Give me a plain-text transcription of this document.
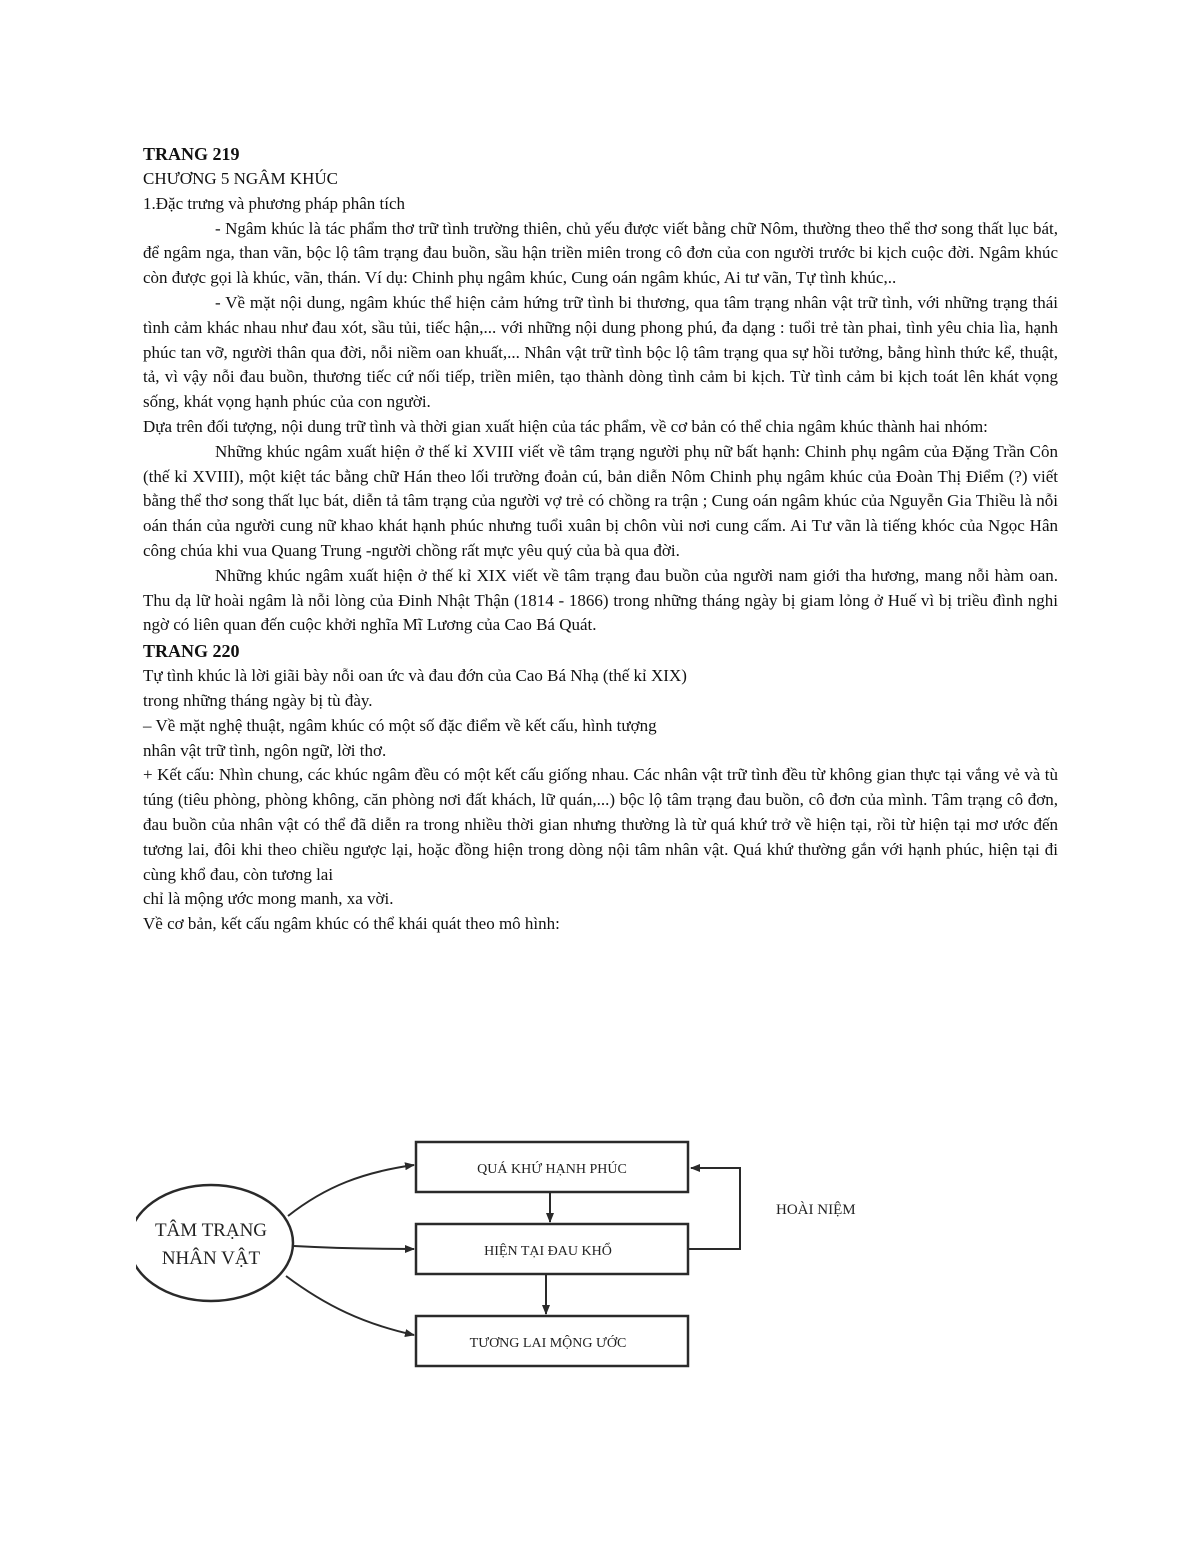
TRANG 219

CHƯƠNG 5 NGÂM KHÚC

1.Đặc trưng và phương pháp phân tích

- Ngâm khúc là tác phẩm thơ trữ tình trường thiên, chủ yếu được viết bằng chữ Nôm, thường theo thể thơ song thất lục bát, để ngâm nga, than vãn, bộc lộ tâm trạng đau buồn, sầu hận triền miên trong cô đơn của con người trước bi kịch cuộc đời. Ngâm khúc còn được gọi là khúc, vãn, thán. Ví dụ: Chinh phụ ngâm khúc, Cung oán ngâm khúc, Ai tư vãn, Tự tình khúc,..

- Về mặt nội dung, ngâm khúc thể hiện cảm hứng trữ tình bi thương, qua tâm trạng nhân vật trữ tình, với những trạng thái tình cảm khác nhau như đau xót, sầu tủi, tiếc hận,... với những nội dung phong phú, đa dạng : tuổi trẻ tàn phai, tình yêu chia lìa, hạnh phúc tan vỡ, người thân qua đời, nỗi niềm oan khuất,... Nhân vật trữ tình bộc lộ tâm trạng qua sự hồi tưởng, bằng hình thức kể, thuật, tả, vì vậy nỗi đau buồn, thương tiếc cứ nối tiếp, triền miên, tạo thành dòng tình cảm bi kịch. Từ tình cảm bi kịch toát lên khát vọng sống, khát vọng hạnh phúc của con người.

Dựa trên đối tượng, nội dung trữ tình và thời gian xuất hiện của tác phẩm, về cơ bản có thể chia ngâm khúc thành hai nhóm:

Những khúc ngâm xuất hiện ở thế kỉ XVIII viết về tâm trạng người phụ nữ bất hạnh: Chinh phụ ngâm của Đặng Trần Côn (thế kỉ XVIII), một kiệt tác bằng chữ Hán theo lối trường đoản cú, bản diễn Nôm Chinh phụ ngâm khúc của Đoàn Thị Điểm (?) viết bằng thể thơ song thất lục bát, diễn tả tâm trạng của người vợ trẻ có chồng ra trận ; Cung oán ngâm khúc của Nguyễn Gia Thiều là nỗi oán thán của người cung nữ khao khát hạnh phúc nhưng tuổi xuân bị chôn vùi nơi cung cấm. Ai Tư vãn là tiếng khóc của Ngọc Hân công chúa khi vua Quang Trung -người chồng rất mực yêu quý của bà qua đời.

Những khúc ngâm xuất hiện ở thế kỉ XIX viết về tâm trạng đau buồn của người nam giới tha hương, mang nỗi hàm oan. Thu dạ lữ hoài ngâm là nỗi lòng của Đinh Nhật Thận (1814 - 1866) trong những tháng ngày bị giam lỏng ở Huế vì bị triều đình nghi ngờ có liên quan đến cuộc khởi nghĩa Mĩ Lương của Cao Bá Quát.

TRANG 220

Tự tình khúc là lời giãi bày nỗi oan ức và đau đớn của Cao Bá Nhạ (thế kỉ XIX)

trong những tháng ngày bị tù đày.

– Về mặt nghệ thuật, ngâm khúc có một số đặc điểm về kết cấu, hình tượng

nhân vật trữ tình, ngôn ngữ, lời thơ.

+ Kết cấu: Nhìn chung, các khúc ngâm đều có một kết cấu giống nhau. Các nhân vật trữ tình đều từ không gian thực tại vắng vẻ và tù túng (tiêu phòng, phòng không, căn phòng nơi đất khách, lữ quán,...) bộc lộ tâm trạng đau buồn, cô đơn của mình. Tâm trạng cô đơn, đau buồn của nhân vật có thể đã diễn ra trong nhiều thời gian nhưng thường là từ quá khứ trở về hiện tại, rồi từ hiện tại mơ ước đến tương lai, đôi khi theo chiều ngược lại, hoặc đồng hiện trong dòng nội tâm nhân vật. Quá khứ thường gắn với hạnh phúc, hiện tại đi cùng khổ đau, còn tương lai

chỉ là mộng ước mong manh, xa vời.

Về cơ bản, kết cấu ngâm khúc có thể khái quát theo mô hình:

TÂM TRẠNG
NHÂN VẬT
QUÁ KHỨ HẠNH PHÚC
HIỆN TẠI ĐAU KHỔ
TƯƠNG LAI MỘNG ƯỚC
HOÀI NIỆM
